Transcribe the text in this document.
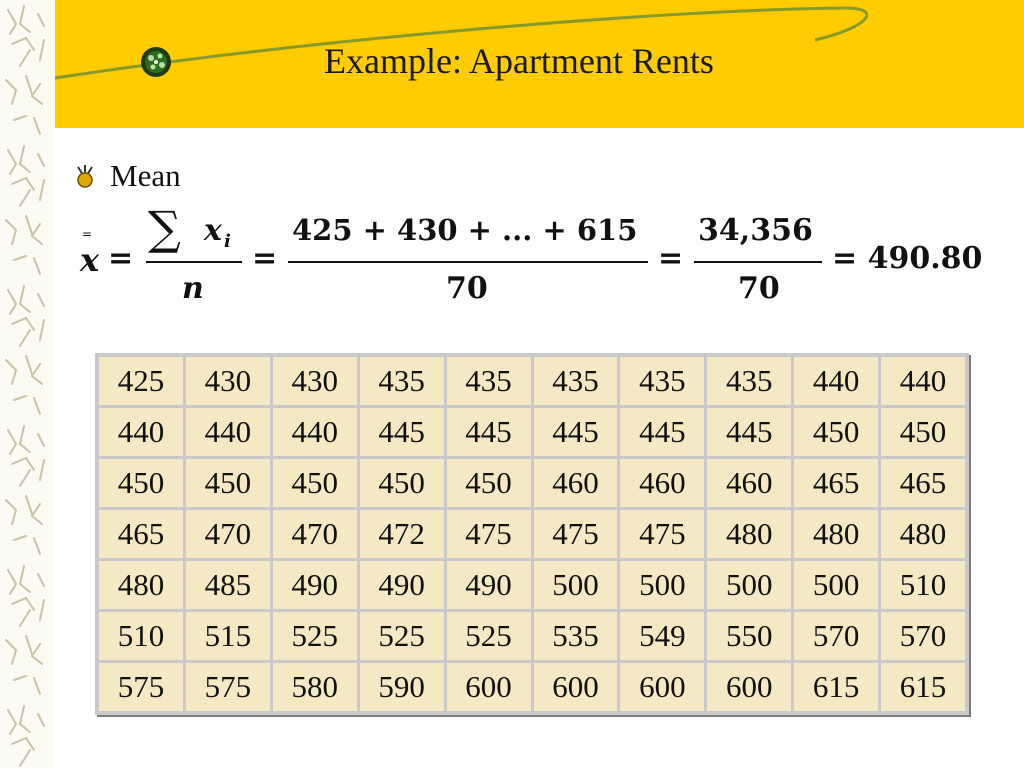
Example: Apartment Rents
Mean
=
x =
∑ x i
n
=
425 + 430 + ... + 615
70
=
34,356
70
= 490.80
425	430	430	435	435	435	435	435	440	440
440	440	440	445	445	445	445	445	450	450
450	450	450	450	450	460	460	460	465	465
465	470	470	472	475	475	475	480	480	480
480	485	490	490	490	500	500	500	500	510
510	515	525	525	525	535	549	550	570	570
575	575	580	590	600	600	600	600	615	615
